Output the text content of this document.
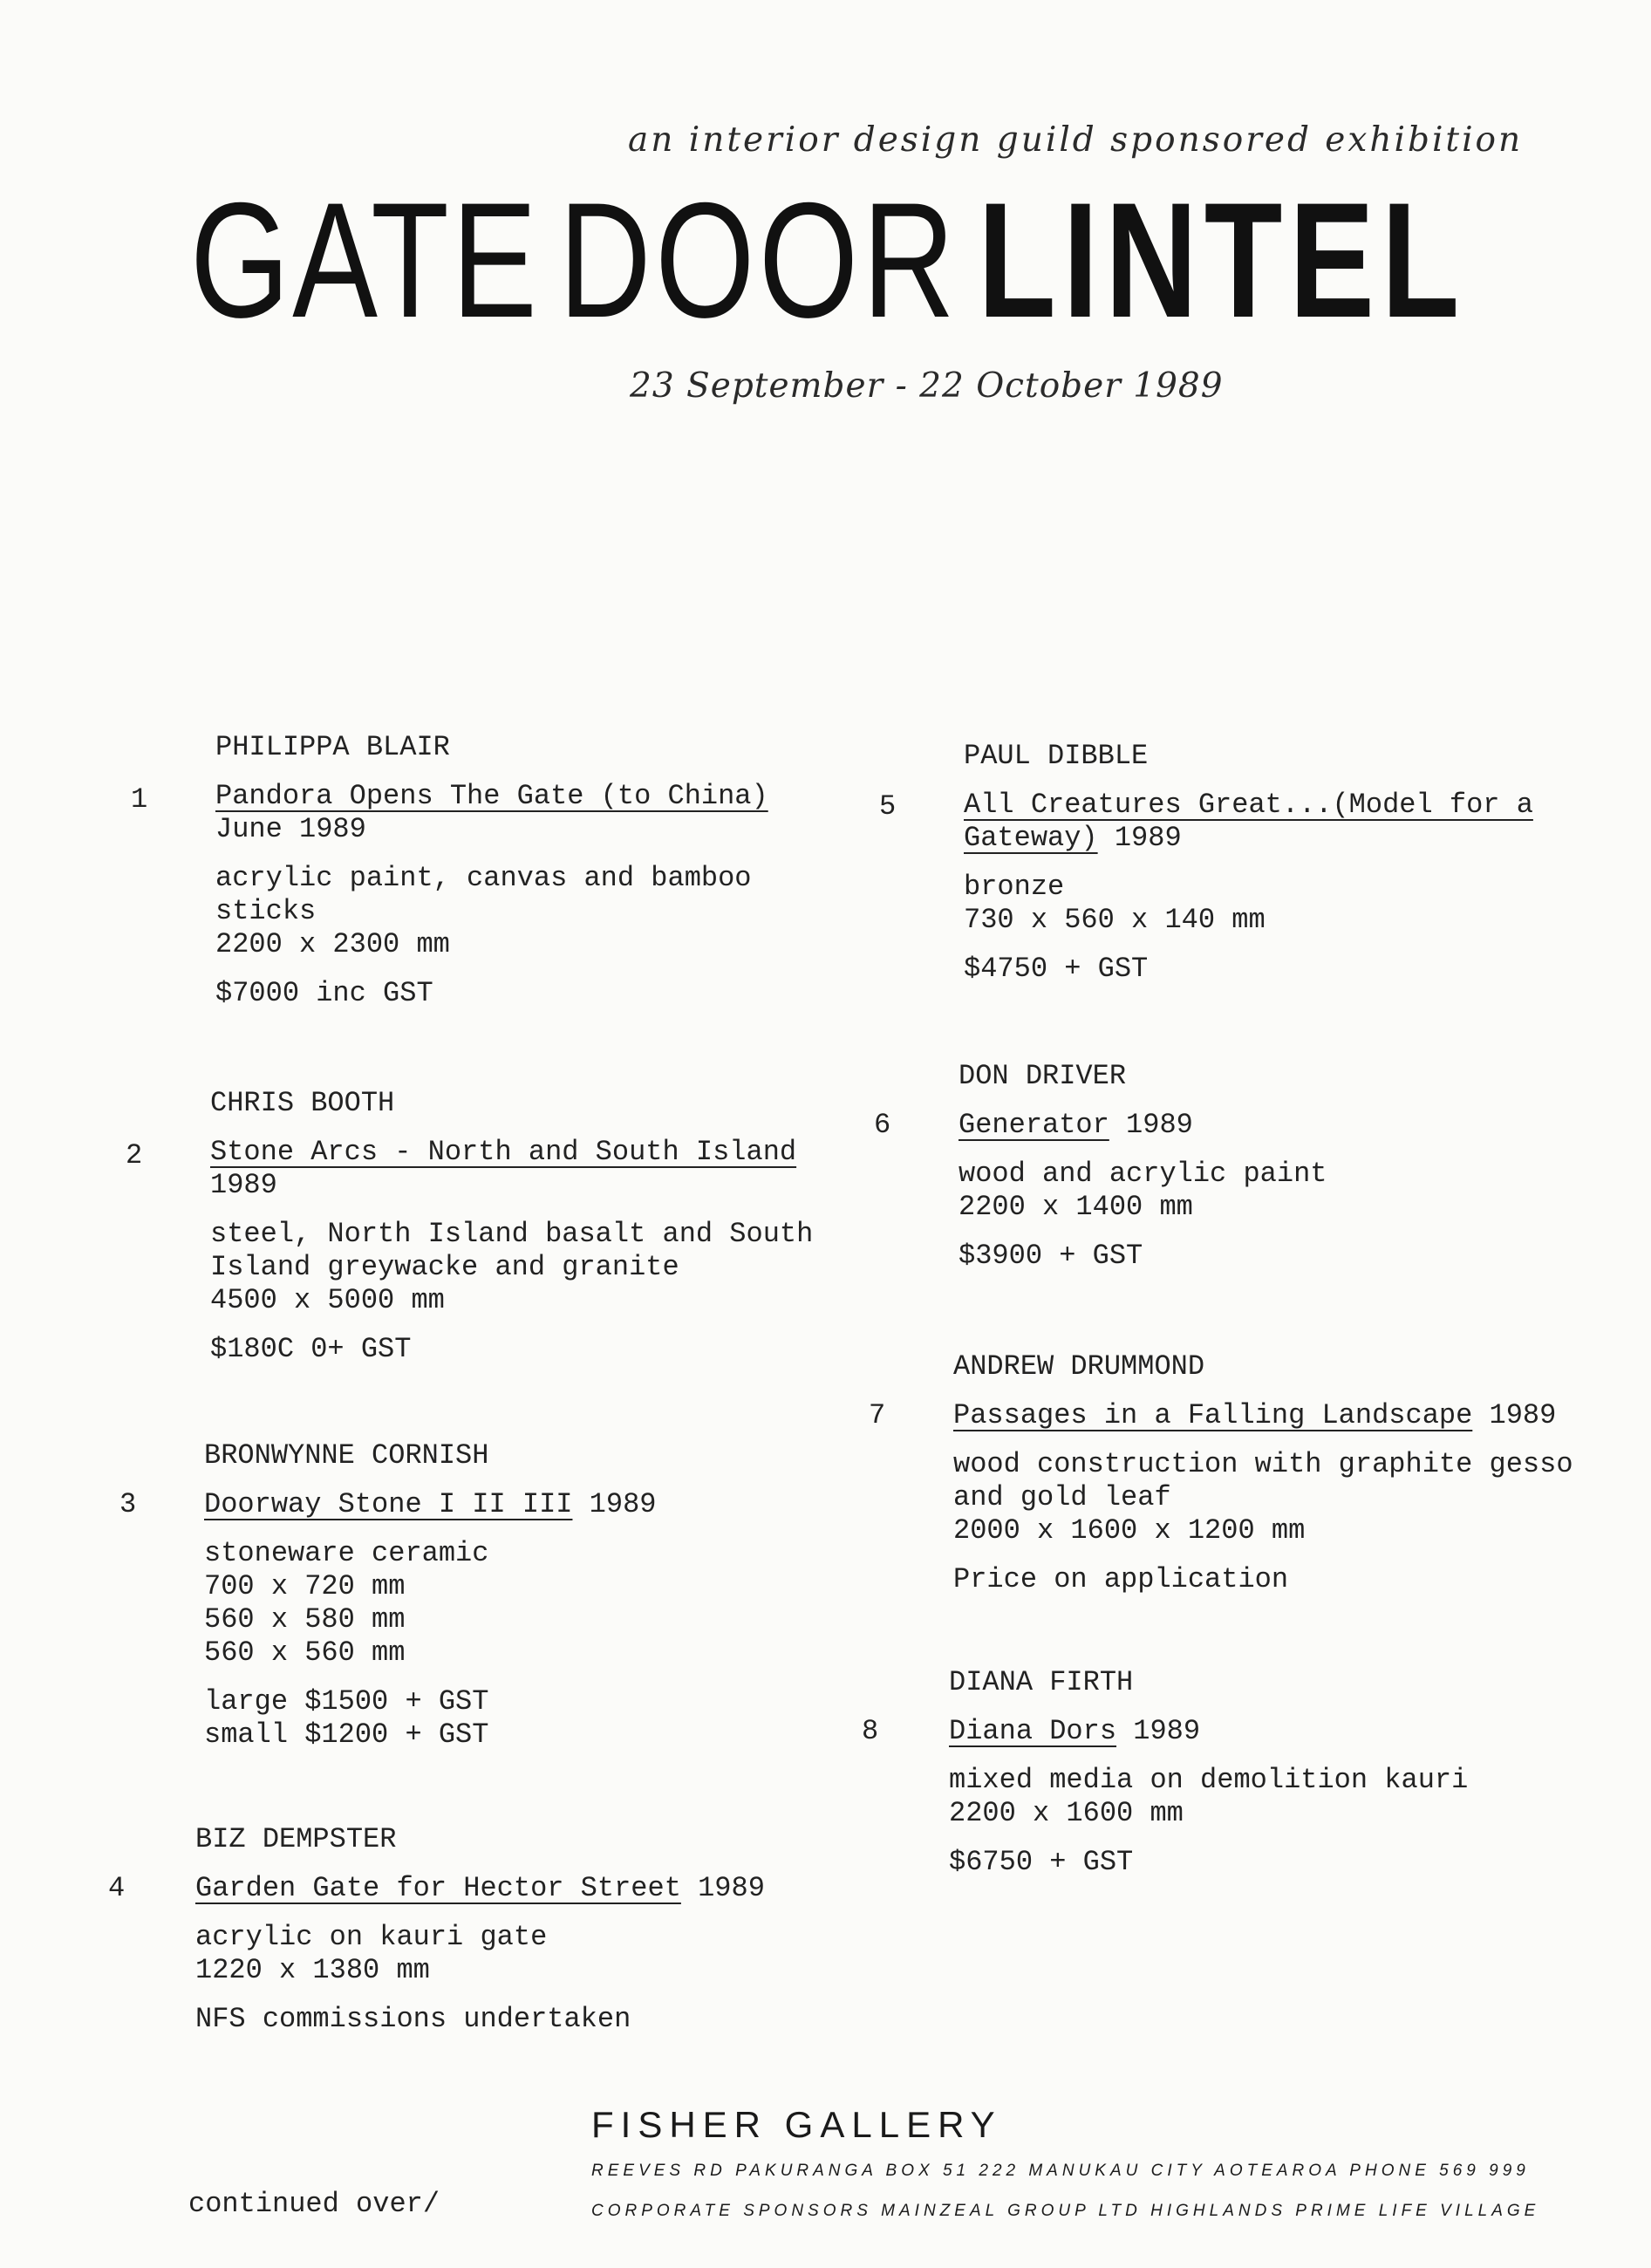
an interior design guild sponsored exhibition
GATE DOOR LINTEL
23 September - 22 October 1989
1
PHILIPPA BLAIR
Pandora Opens The Gate (to China)
June 1989
acrylic paint, canvas and bamboo
sticks
2200 x 2300 mm
$7000 inc GST
2
CHRIS BOOTH
Stone Arcs - North and South Island
1989
steel, North Island basalt and South
Island greywacke and granite
4500 x 5000 mm
$180C 0+ GST
3
BRONWYNNE CORNISH
Doorway Stone I II III 1989
stoneware ceramic
700 x 720 mm
560 x 580 mm
560 x 560 mm
large $1500 + GST
small $1200 + GST
4
BIZ DEMPSTER
Garden Gate for Hector Street 1989
acrylic on kauri gate
1220 x 1380 mm
NFS commissions undertaken
5
PAUL DIBBLE
All Creatures Great...(Model for a
Gateway) 1989
bronze
730 x 560 x 140 mm
$4750 + GST
6
DON DRIVER
Generator 1989
wood and acrylic paint
2200 x 1400 mm
$3900 + GST
7
ANDREW DRUMMOND
Passages in a Falling Landscape 1989
wood construction with graphite gesso
and gold leaf
2000 x 1600 x 1200 mm
Price on application
8
DIANA FIRTH
Diana Dors 1989
mixed media on demolition kauri
2200 x 1600 mm
$6750 + GST
continued over/
FISHER GALLERY
REEVES RD PAKURANGA BOX 51 222 MANUKAU CITY AOTEAROA PHONE 569 999
CORPORATE SPONSORS MAINZEAL GROUP LTD HIGHLANDS PRIME LIFE VILLAGE
